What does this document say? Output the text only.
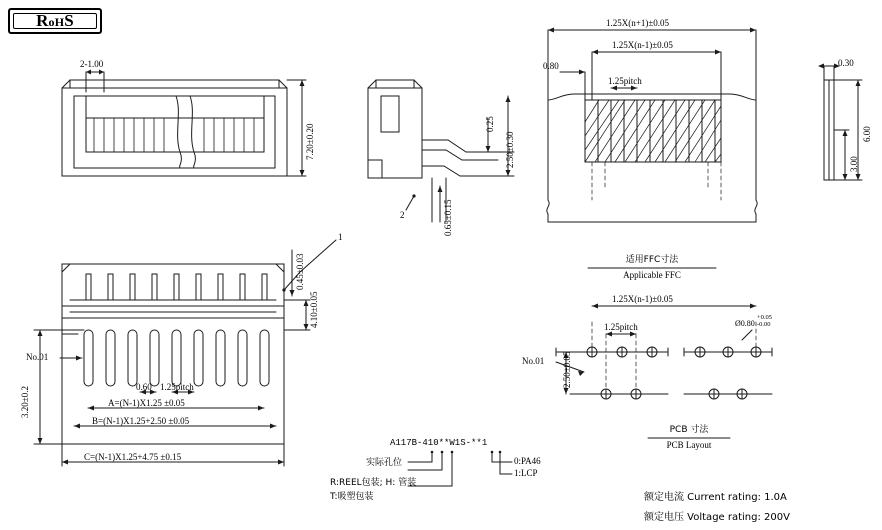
RoHS
2-1.00
7.20±0.20	0.25
2.50±0.30
0.65±0.15
2
1.25X(n+1)±0.05
1.25X(n-1)±0.05
0.80
1.25pitch
适用FFC寸法
Applicable FFC
0.30
6.00
3.00
1
0.45±0.03
4.10±0.05
No.01
3.20±0.2	0.60 1.25pitch
A=(N-1)X1.25 ±0.05
B=(N-1)X1.25+2.50 ±0.05
C=(N-1)X1.25+4.75 ±0.15
1.25X(n-1)±0.05
2.50±0.05
1.25pitch
No.01
Ø0.80
+0.05
-0.00
PCB 寸法
PCB Layout
A117B-410**W1S-**1
实际孔位
R:REEL包装; H: 管装
T:吸塑包装
0:PA46
1:LCP
额定电流 Current rating: 1.0A
额定电压 Voltage rating: 200V
